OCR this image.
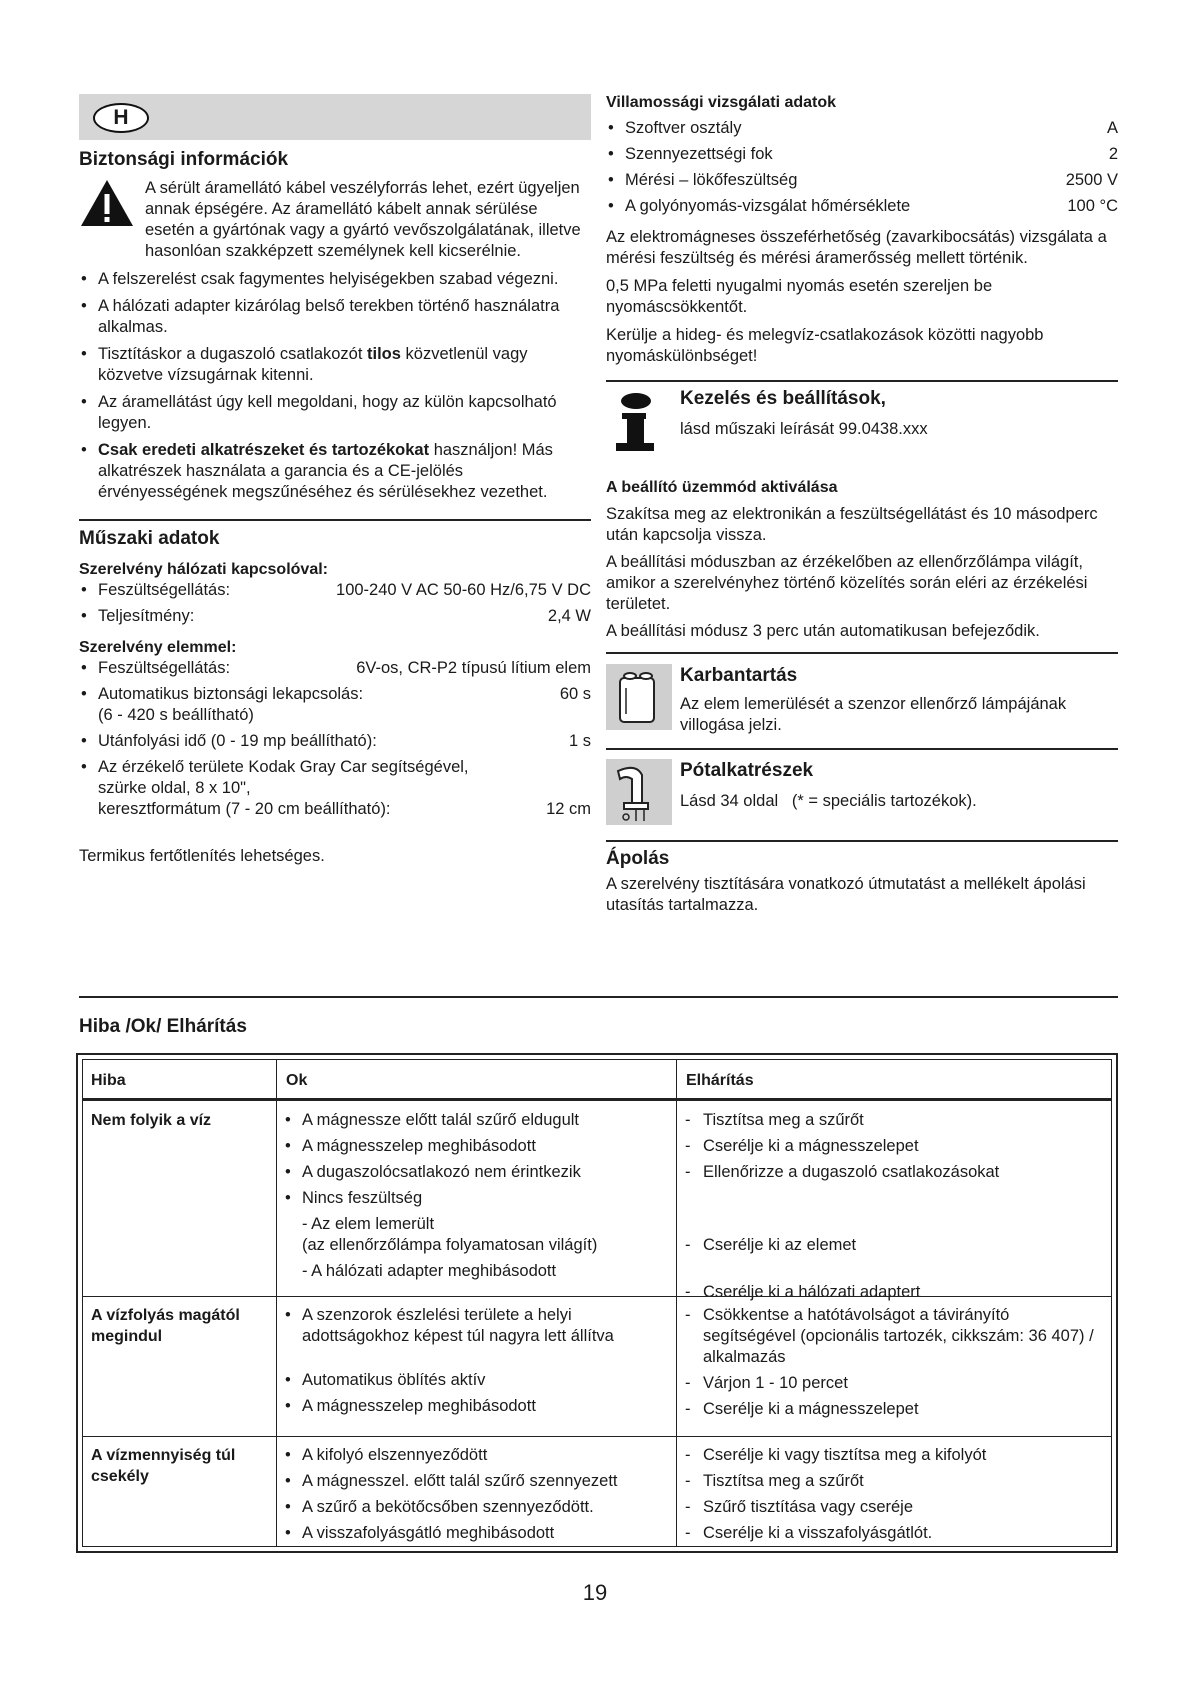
H
Biztonsági információk

A sérült áramellátó kábel veszélyforrás lehet, ezért ügyeljen annak épségére. Az áramellátó kábelt annak sérülése esetén a gyártónak vagy a gyártó vevőszolgálatának, illetve hasonlóan szakképzett személynek kell kicserélnie.

• A felszerelést csak fagymentes helyiségekben szabad végezni.
• A hálózati adapter kizárólag belső terekben történő használatra alkalmas.
• Tisztításkor a dugaszoló csatlakozót tilos közvetlenül vagy közvetve vízsugárnak kitenni.
• Az áramellátást úgy kell megoldani, hogy az külön kapcsolható legyen.
• Csak eredeti alkatrészeket és tartozékokat használjon! Más alkatrészek használata a garancia és a CE-jelölés érvényességének megszűnéséhez és sérülésekhez vezethet.
Műszaki adatok
Szerelvény hálózati kapcsolóval:
• Feszültségellátás:	100-240 V AC 50-60 Hz/6,75 V DC
• Teljesítmény:	2,4 W
Szerelvény elemmel:
• Feszültségellátás:	6V-os, CR-P2 típusú lítium elem
• Automatikus biztonsági lekapcsolás:	60 s
(6 - 420 s beállítható)
• Utánfolyási idő (0 - 19 mp beállítható):	1 s
• Az érzékelő területe Kodak Gray Car segítségével,
szürke oldal, 8 x 10",
keresztformátum (7 - 20 cm beállítható):	12 cm

Termikus fertőtlenítés lehetséges.

Villamossági vizsgálati adatok
• Szoftver osztály	A
• Szennyezettségi fok	2
• Mérési – lökőfeszültség	2500 V
• A golyónyomás-vizsgálat hőmérséklete	100 °C

Az elektromágneses összeférhetőség (zavarkibocsátás) vizsgálata a mérési feszültség és mérési áramerősség mellett történik.

0,5 MPa feletti nyugalmi nyomás esetén szereljen be nyomáscsökkentőt.

Kerülje a hideg- és melegvíz-csatlakozások közötti nagyobb nyomáskülönbséget!

Kezelés és beállítások,

lásd műszaki leírását 99.0438.xxx

A beállító üzemmód aktiválása

Szakítsa meg az elektronikán a feszültségellátást és 10 másodperc után kapcsolja vissza.

A beállítási móduszban az érzékelőben az ellenőrzőlámpa világít, amikor a szerelvényhez történő közelítés során eléri az érzékelési területet.

A beállítási módusz 3 perc után automatikusan befejeződik.

Karbantartás

Az elem lemerülését a szenzor ellenőrző lámpájának villogása jelzi.

Pótalkatrészek

Lásd 34 oldal   (* = speciális tartozékok).

Ápolás

A szerelvény tisztítására vonatkozó útmutatást a mellékelt ápolási utasítás tartalmazza.

Hiba /Ok/ Elhárítás
Hiba	Ok	Elhárítás
Nem folyik a víz
•	A mágnessze előtt talál szűrő eldugult
• A mágnesszelep meghibásodott
• A dugaszolócsatlakozó nem érintkezik
• Nincs feszültség
- Az elem lemerült
(az ellenőrzőlámpa folyamatosan világít)
- A hálózati adapter meghibásodott
- Tisztítsa meg a szűrőt
- Cserélje ki a mágnesszelepet
- Ellenőrizze a dugaszoló csatlakozásokat
- Cserélje ki az elemet
- Cserélje ki a hálózati adaptert
A vízfolyás magától megindul
• A szenzorok észlelési területe a helyi adottságokhoz képest túl nagyra lett állítva
• Automatikus öblítés aktív
• A mágnesszelep meghibásodott
- Csökkentse a hatótávolságot a távirányító segítségével (opcionális tartozék, cikkszám: 36 407) / alkalmazás
- Várjon 1 - 10 percet
- Cserélje ki a mágnesszelepet
A vízmennyiség túl csekély
• A kifolyó elszennyeződött
• A mágnesszel. előtt talál szűrő szennyezett
• A szűrő a bekötőcsőben szennyeződött.
• A visszafolyásgátló meghibásodott
- Cserélje ki vagy tisztítsa meg a kifolyót
- Tisztítsa meg a szűrőt
- Szűrő tisztítása vagy cseréje
- Cserélje ki a visszafolyásgátlót.
19
